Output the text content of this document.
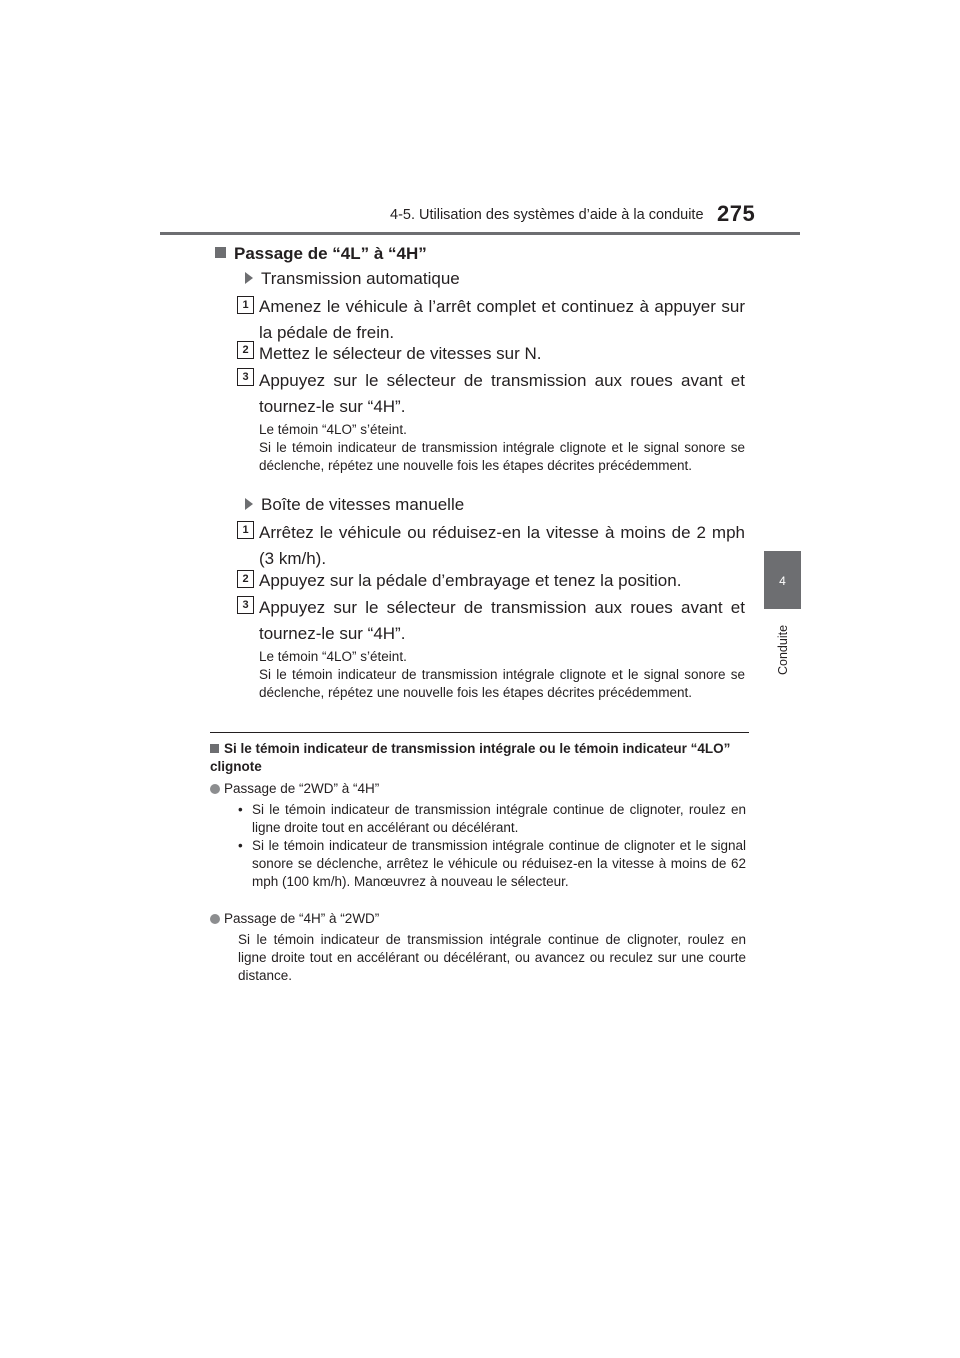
4-5. Utilisation des systèmes d’aide à la conduite 275
4
Conduite
Passage de “4L” à “4H”
Transmission automatique
1 Amenez le véhicule à l’arrêt complet et continuez à appuyer sur la pédale de frein.
2 Mettez le sélecteur de vitesses sur N.
3 Appuyez sur le sélecteur de transmission aux roues avant et tournez-le sur “4H”.
Le témoin “4LO” s’éteint.
Si le témoin indicateur de transmission intégrale clignote et le signal sonore se déclenche, répétez une nouvelle fois les étapes décrites précédemment.
Boîte de vitesses manuelle
1 Arrêtez le véhicule ou réduisez-en la vitesse à moins de 2 mph (3 km/h).
2 Appuyez sur la pédale d’embrayage et tenez la position.
3 Appuyez sur le sélecteur de transmission aux roues avant et tournez-le sur “4H”.
Le témoin “4LO” s’éteint.
Si le témoin indicateur de transmission intégrale clignote et le signal sonore se déclenche, répétez une nouvelle fois les étapes décrites précédemment.
Si le témoin indicateur de transmission intégrale ou le témoin indicateur “4LO” clignote
Passage de “2WD” à “4H”
• Si le témoin indicateur de transmission intégrale continue de clignoter, roulez en ligne droite tout en accélérant ou décélérant.
• Si le témoin indicateur de transmission intégrale continue de clignoter et le signal sonore se déclenche, arrêtez le véhicule ou réduisez-en la vitesse à moins de 62 mph (100 km/h). Manœuvrez à nouveau le sélecteur.
Passage de “4H” à “2WD”
Si le témoin indicateur de transmission intégrale continue de clignoter, roulez en ligne droite tout en accélérant ou décélérant, ou avancez ou reculez sur une courte distance.
